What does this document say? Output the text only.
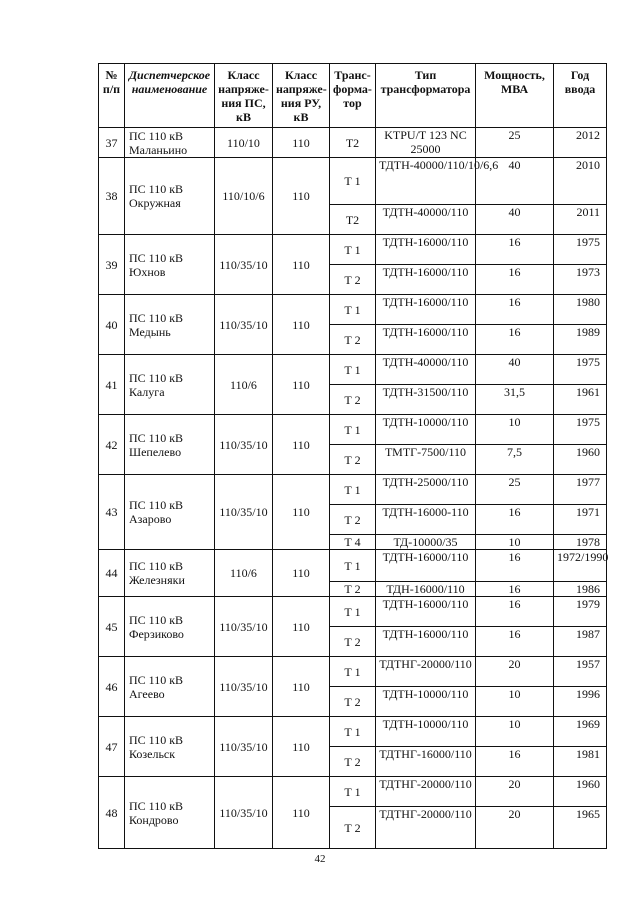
№ п/п	Диспетчерское наименование	Класс напряже-ния ПС, кВ	Класс напряже-ния РУ, кВ	Транс-форма-тор	Тип трансформатора	Мощность, МВА	Год ввода
37	ПС 110 кВ Маланьино	110/10	110	Т2	KTPU/T 123 NC 25000	25	2012
38	ПС 110 кВ Окружная	110/10/6	110	Т 1	ТДТН-40000/110/10/6,6	40	2010
				Т2	ТДТН-40000/110	40	2011
39	ПС 110 кВ Юхнов	110/35/10	110	Т 1	ТДТН-16000/110	16	1975
				Т 2	ТДТН-16000/110	16	1973
40	ПС 110 кВ Медынь	110/35/10	110	Т 1	ТДТН-16000/110	16	1980
				Т 2	ТДТН-16000/110	16	1989
41	ПС 110 кВ Калуга	110/6	110	Т 1	ТДТН-40000/110	40	1975
				Т 2	ТДТН-31500/110	31,5	1961
42	ПС 110 кВ Шепелево	110/35/10	110	Т 1	ТДТН-10000/110	10	1975
				Т 2	ТМТГ-7500/110	7,5	1960
43	ПС 110 кВ Азарово	110/35/10	110	Т 1	ТДТН-25000/110	25	1977
				Т 2	ТДТН-16000-110	16	1971
				Т 4	ТД-10000/35	10	1978
44	ПС 110 кВ Железняки	110/6	110	Т 1	ТДТН-16000/110	16	1972/1990
				Т 2	ТДН-16000/110	16	1986
45	ПС 110 кВ Ферзиково	110/35/10	110	Т 1	ТДТН-16000/110	16	1979
				Т 2	ТДТН-16000/110	16	1987
46	ПС 110 кВ Агеево	110/35/10	110	Т 1	ТДТНГ-20000/110	20	1957
				Т 2	ТДТН-10000/110	10	1996
47	ПС 110 кВ Козельск	110/35/10	110	Т 1	ТДТН-10000/110	10	1969
				Т 2	ТДТНГ-16000/110	16	1981
48	ПС 110 кВ Кондрово	110/35/10	110	Т 1	ТДТНГ-20000/110	20	1960
				Т 2	ТДТНГ-20000/110	20	1965
42
